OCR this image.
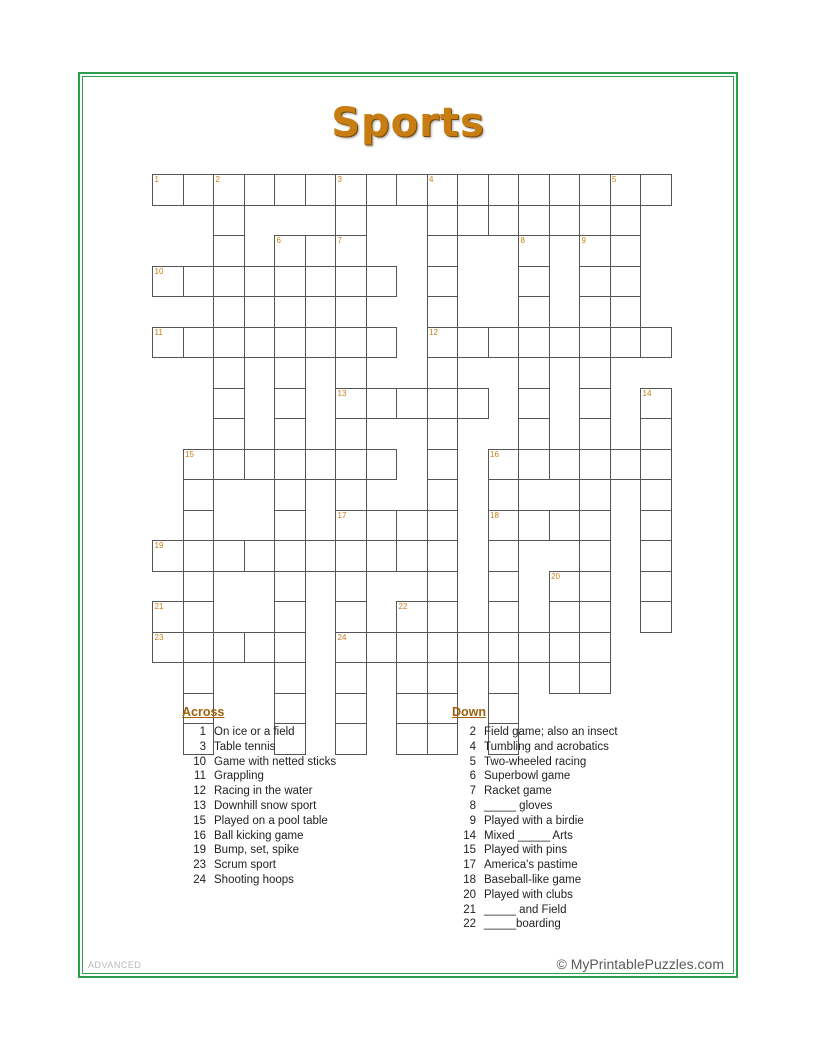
Sports
1		2				3			4						5	

				6		7						8		9		

10																

11									12							

						13										14

	15										16					

						17					18					

19																

													20			

21								22								

23						24										

Across
1 On ice or a field
3 Table tennis
10 Game with netted sticks
11 Grappling
12 Racing in the water
13 Downhill snow sport
15 Played on a pool table
16 Ball kicking game
19 Bump, set, spike
23 Scrum sport
24 Shooting hoops
Down
2 Field game; also an insect
4 Tumbling and acrobatics
5 Two-wheeled racing
6 Superbowl game
7 Racket game
8 _____ gloves
9 Played with a birdie
14 Mixed _____ Arts
15 Played with pins
17 America's pastime
18 Baseball-like game
20 Played with clubs
21 _____ and Field
22 _____boarding
ADVANCED	© MyPrintablePuzzles.com
